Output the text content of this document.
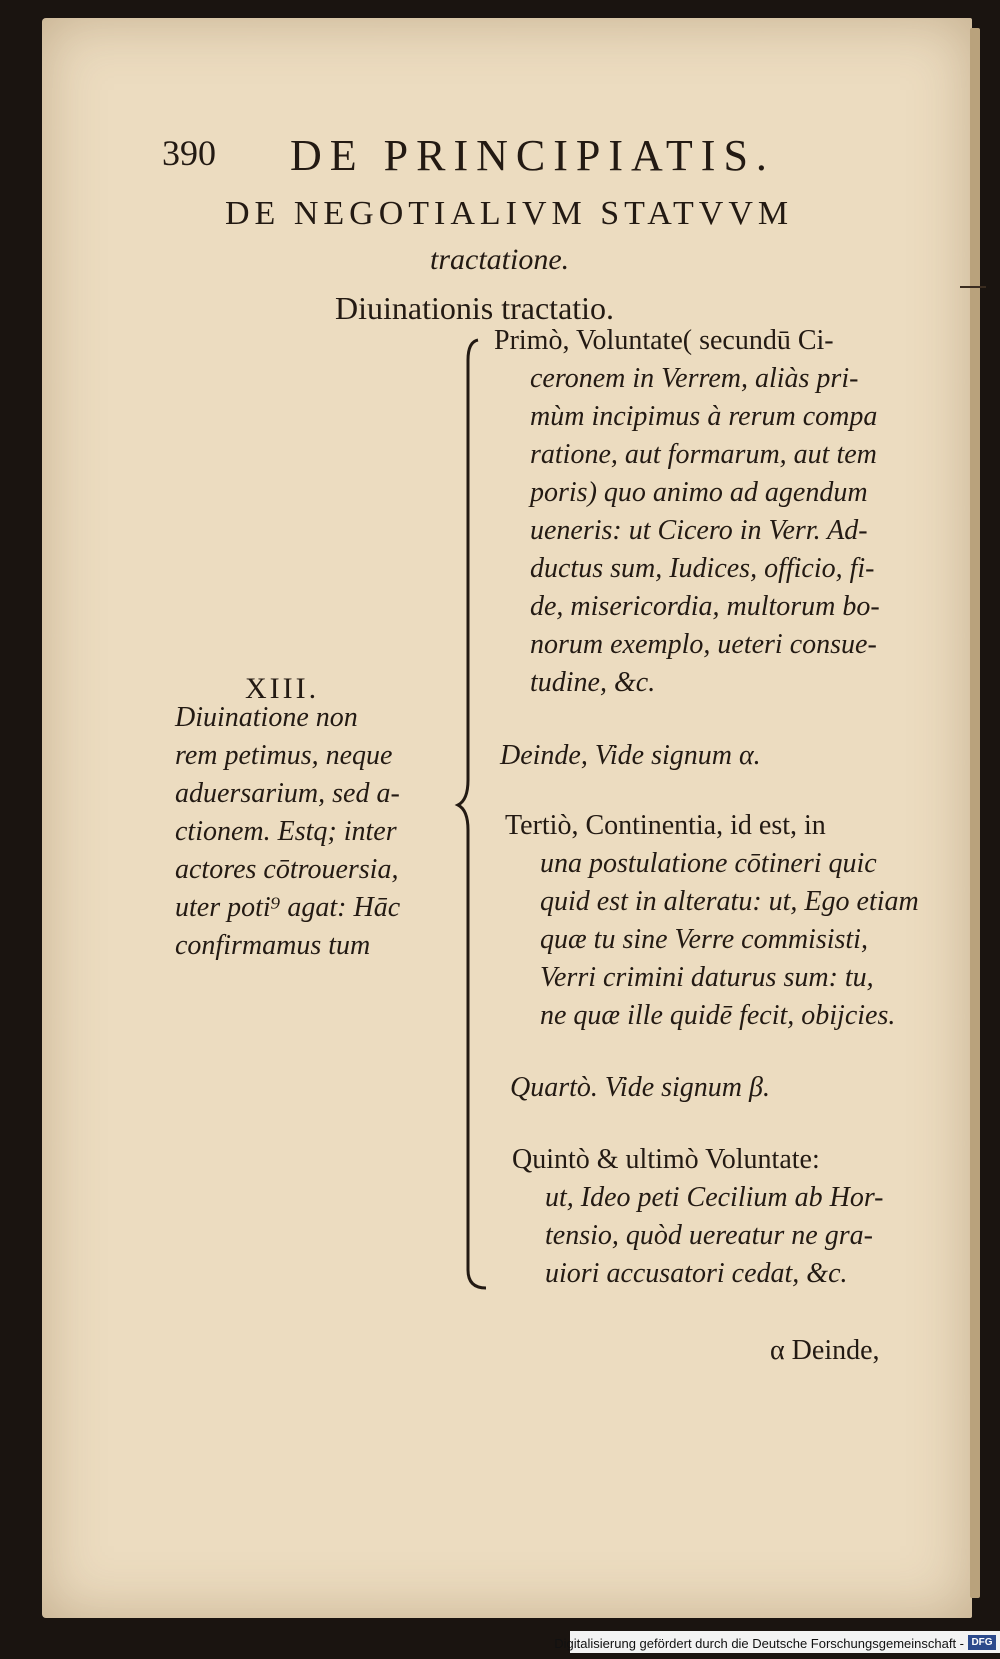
390 DE PRINCIPIATIS.
DE NEGOTIALIVM STATVVM
tractatione.
Diuinationis tractatio.
XIII.
Diuinatione non
rem petimus, neque
aduersarium, sed a-
ctionem. Estq; inter
actores cōtrouersia,
uter poti⁹ agat: Hāc
confirmamus tum
Primò, Voluntate( secundū Ci-
ceronem in Verrem, aliàs pri-
mùm incipimus à rerum compa
ratione, aut formarum, aut tem
poris) quo animo ad agendum
ueneris: ut Cicero in Verr. Ad-
ductus sum, Iudices, officio, fi-
de, misericordia, multorum bo-
norum exemplo, ueteri consue-
tudine, &c.
Deinde, Vide signum α.
Tertiò, Continentia, id est, in
una postulatione cōtineri quic
quid est in alteratu: ut, Ego etiam
quæ tu sine Verre commisisti,
Verri crimini daturus sum: tu,
ne quæ ille quidē fecit, obijcies.
Quartò. Vide signum β.
Quintò & ultimò Voluntate:
ut, Ideo peti Cecilium ab Hor-
tensio, quòd uereatur ne gra-
uiori accusatori cedat, &c.
α Deinde,
Digitalisierung gefördert durch die Deutsche Forschungsgemeinschaft - DFG
